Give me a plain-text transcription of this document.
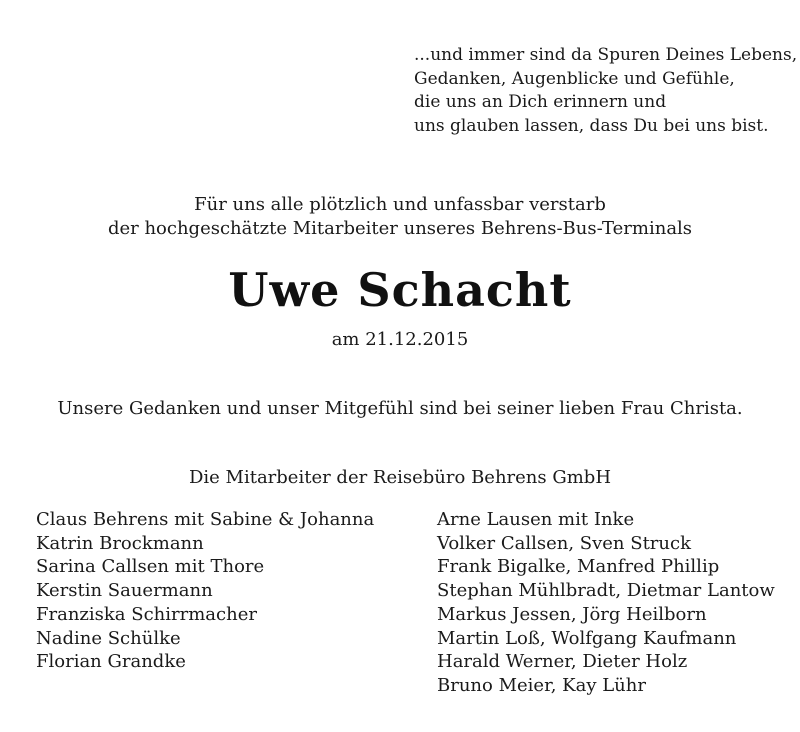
...und immer sind da Spuren Deines Lebens,
Gedanken, Augenblicke und Gefühle,
die uns an Dich erinnern und
uns glauben lassen, dass Du bei uns bist.
Für uns alle plötzlich und unfassbar verstarb
der hochgeschätzte Mitarbeiter unseres Behrens-Bus-Terminals
Uwe Schacht
am 21.12.2015
Unsere Gedanken und unser Mitgefühl sind bei seiner lieben Frau Christa.
Die Mitarbeiter der Reisebüro Behrens GmbH
Claus Behrens mit Sabine & Johanna
Katrin Brockmann
Sarina Callsen mit Thore
Kerstin Sauermann
Franziska Schirrmacher
Nadine Schülke
Florian Grandke
Arne Lausen mit Inke
Volker Callsen, Sven Struck
Frank Bigalke, Manfred Phillip
Stephan Mühlbradt, Dietmar Lantow
Markus Jessen, Jörg Heilborn
Martin Loß, Wolfgang Kaufmann
Harald Werner, Dieter Holz
Bruno Meier, Kay Lühr
